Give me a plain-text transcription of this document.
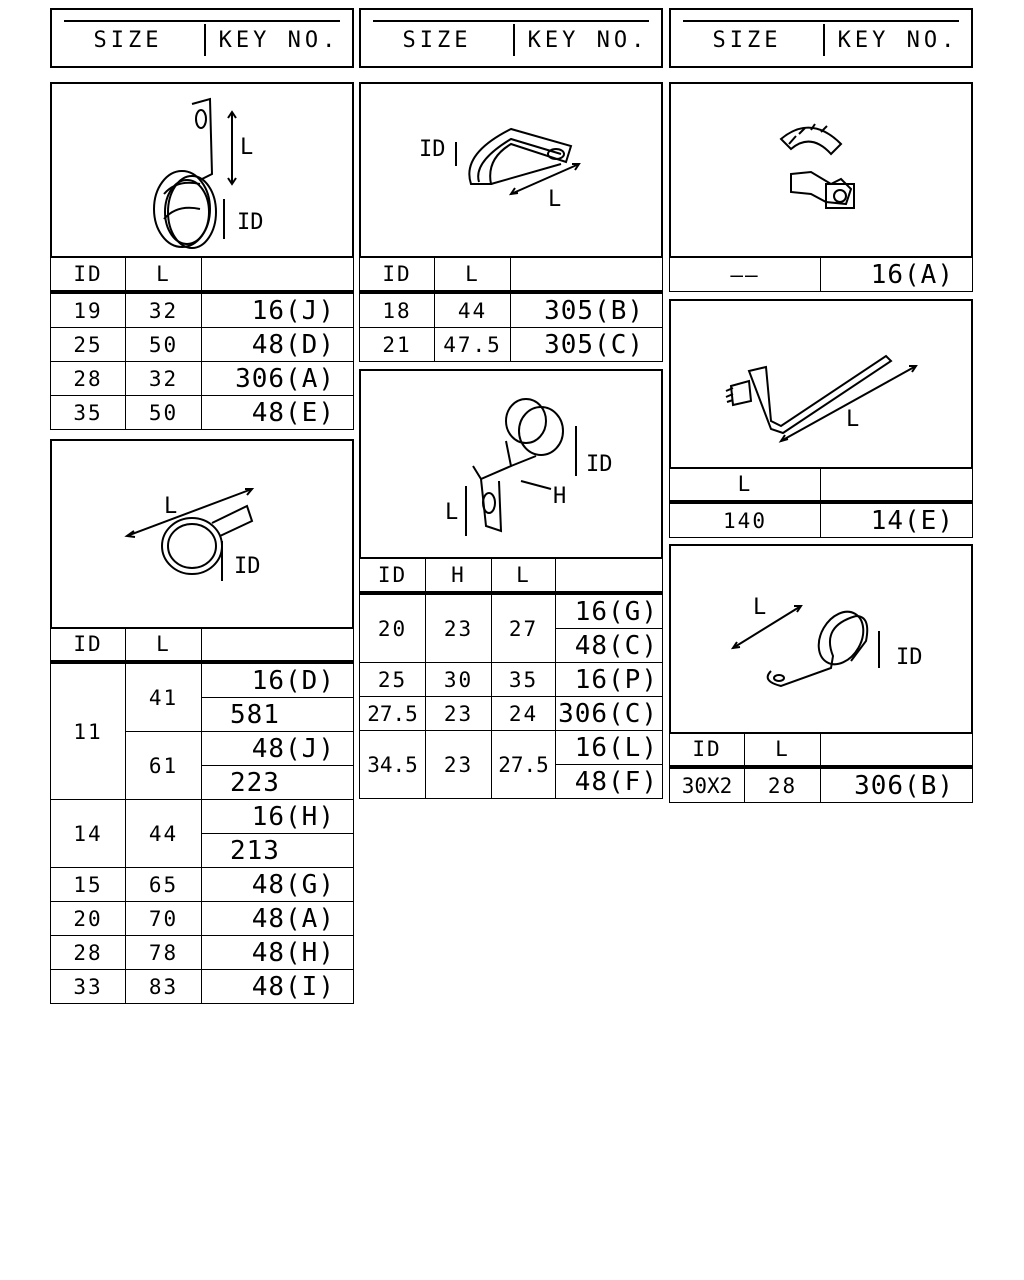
SIZE	KEY NO.	SIZE	KEY NO.	SIZE	KEY NO.
L
ID
ID	L	
19	32	16(J)
25	50	48(D)
28	32	306(A)
35	50	48(E)
L
ID
ID	L	
11	41	16(D)
		581
	61	48(J)
		223
14	44	16(H)
		213
15	65	48(G)
20	70	48(A)
28	78	48(H)
33	83	48(I)
ID
L
ID	L	
18	44	305(B)
21	47.5	305(C)
ID
H
L
ID	H	L	
20	23	27	16(G)
			48(C)
25	30	35	16(P)
27.5	23	24	306(C)
34.5	23	27.5	16(L)
			48(F)
——	16(A)
L
L	
140	14(E)
L
ID
ID	L	
30X2	28	306(B)
